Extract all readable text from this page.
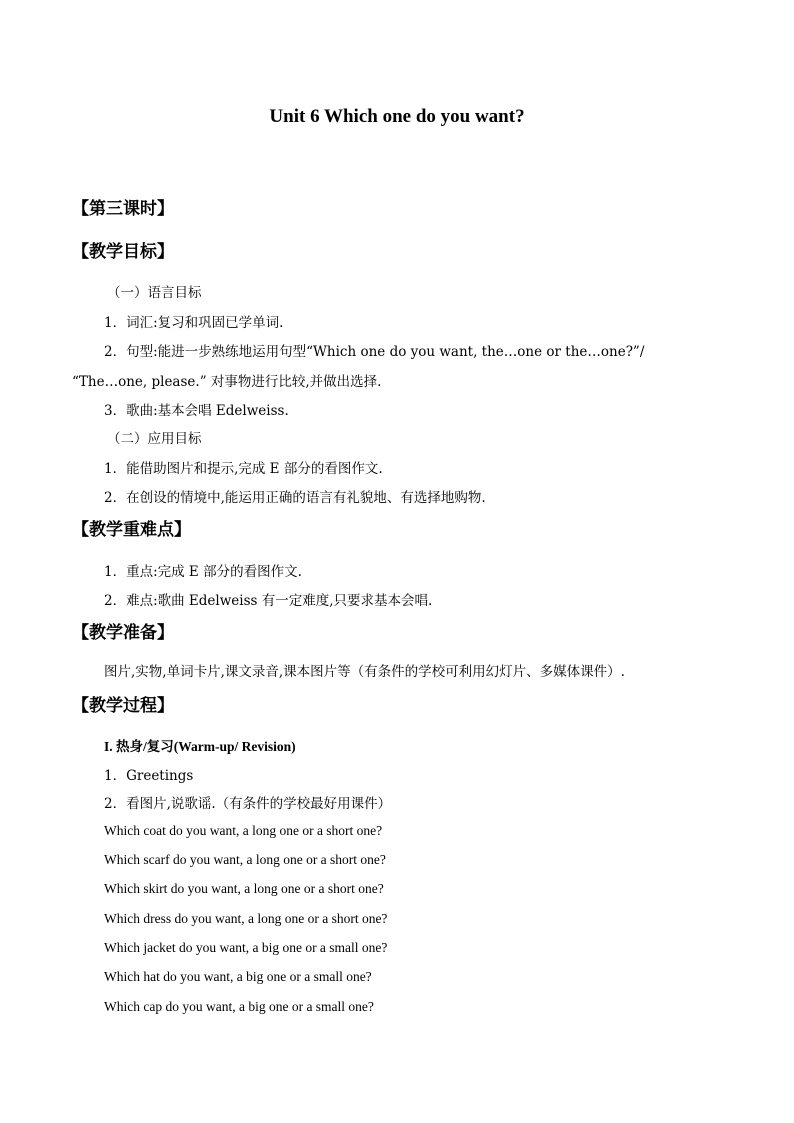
Unit 6 Which one do you want?
【第三课时】
【教学目标】
（一）语言目标
1．词汇:复习和巩固已学单词.
2．句型:能进一步熟练地运用句型“Which one do you want, the…one or the…one?”/
“The…one, please.” 对事物进行比较,并做出选择.
3．歌曲:基本会唱 Edelweiss.
（二）应用目标
1．能借助图片和提示,完成 E 部分的看图作文.
2．在创设的情境中,能运用正确的语言有礼貌地、有选择地购物.
【教学重难点】
1．重点:完成 E 部分的看图作文.
2．难点:歌曲 Edelweiss 有一定难度,只要求基本会唱.
【教学准备】
图片,实物,单词卡片,课文录音,课本图片等（有条件的学校可利用幻灯片、多媒体课件）.
【教学过程】
I. 热身/复习(Warm-up/ Revision)
1．Greetings
2．看图片,说歌谣.（有条件的学校最好用课件）
Which coat do you want, a long one or a short one?
Which scarf do you want, a long one or a short one?
Which skirt do you want, a long one or a short one?
Which dress do you want, a long one or a short one?
Which jacket do you want, a big one or a small one?
Which hat do you want, a big one or a small one?
Which cap do you want, a big one or a small one?
